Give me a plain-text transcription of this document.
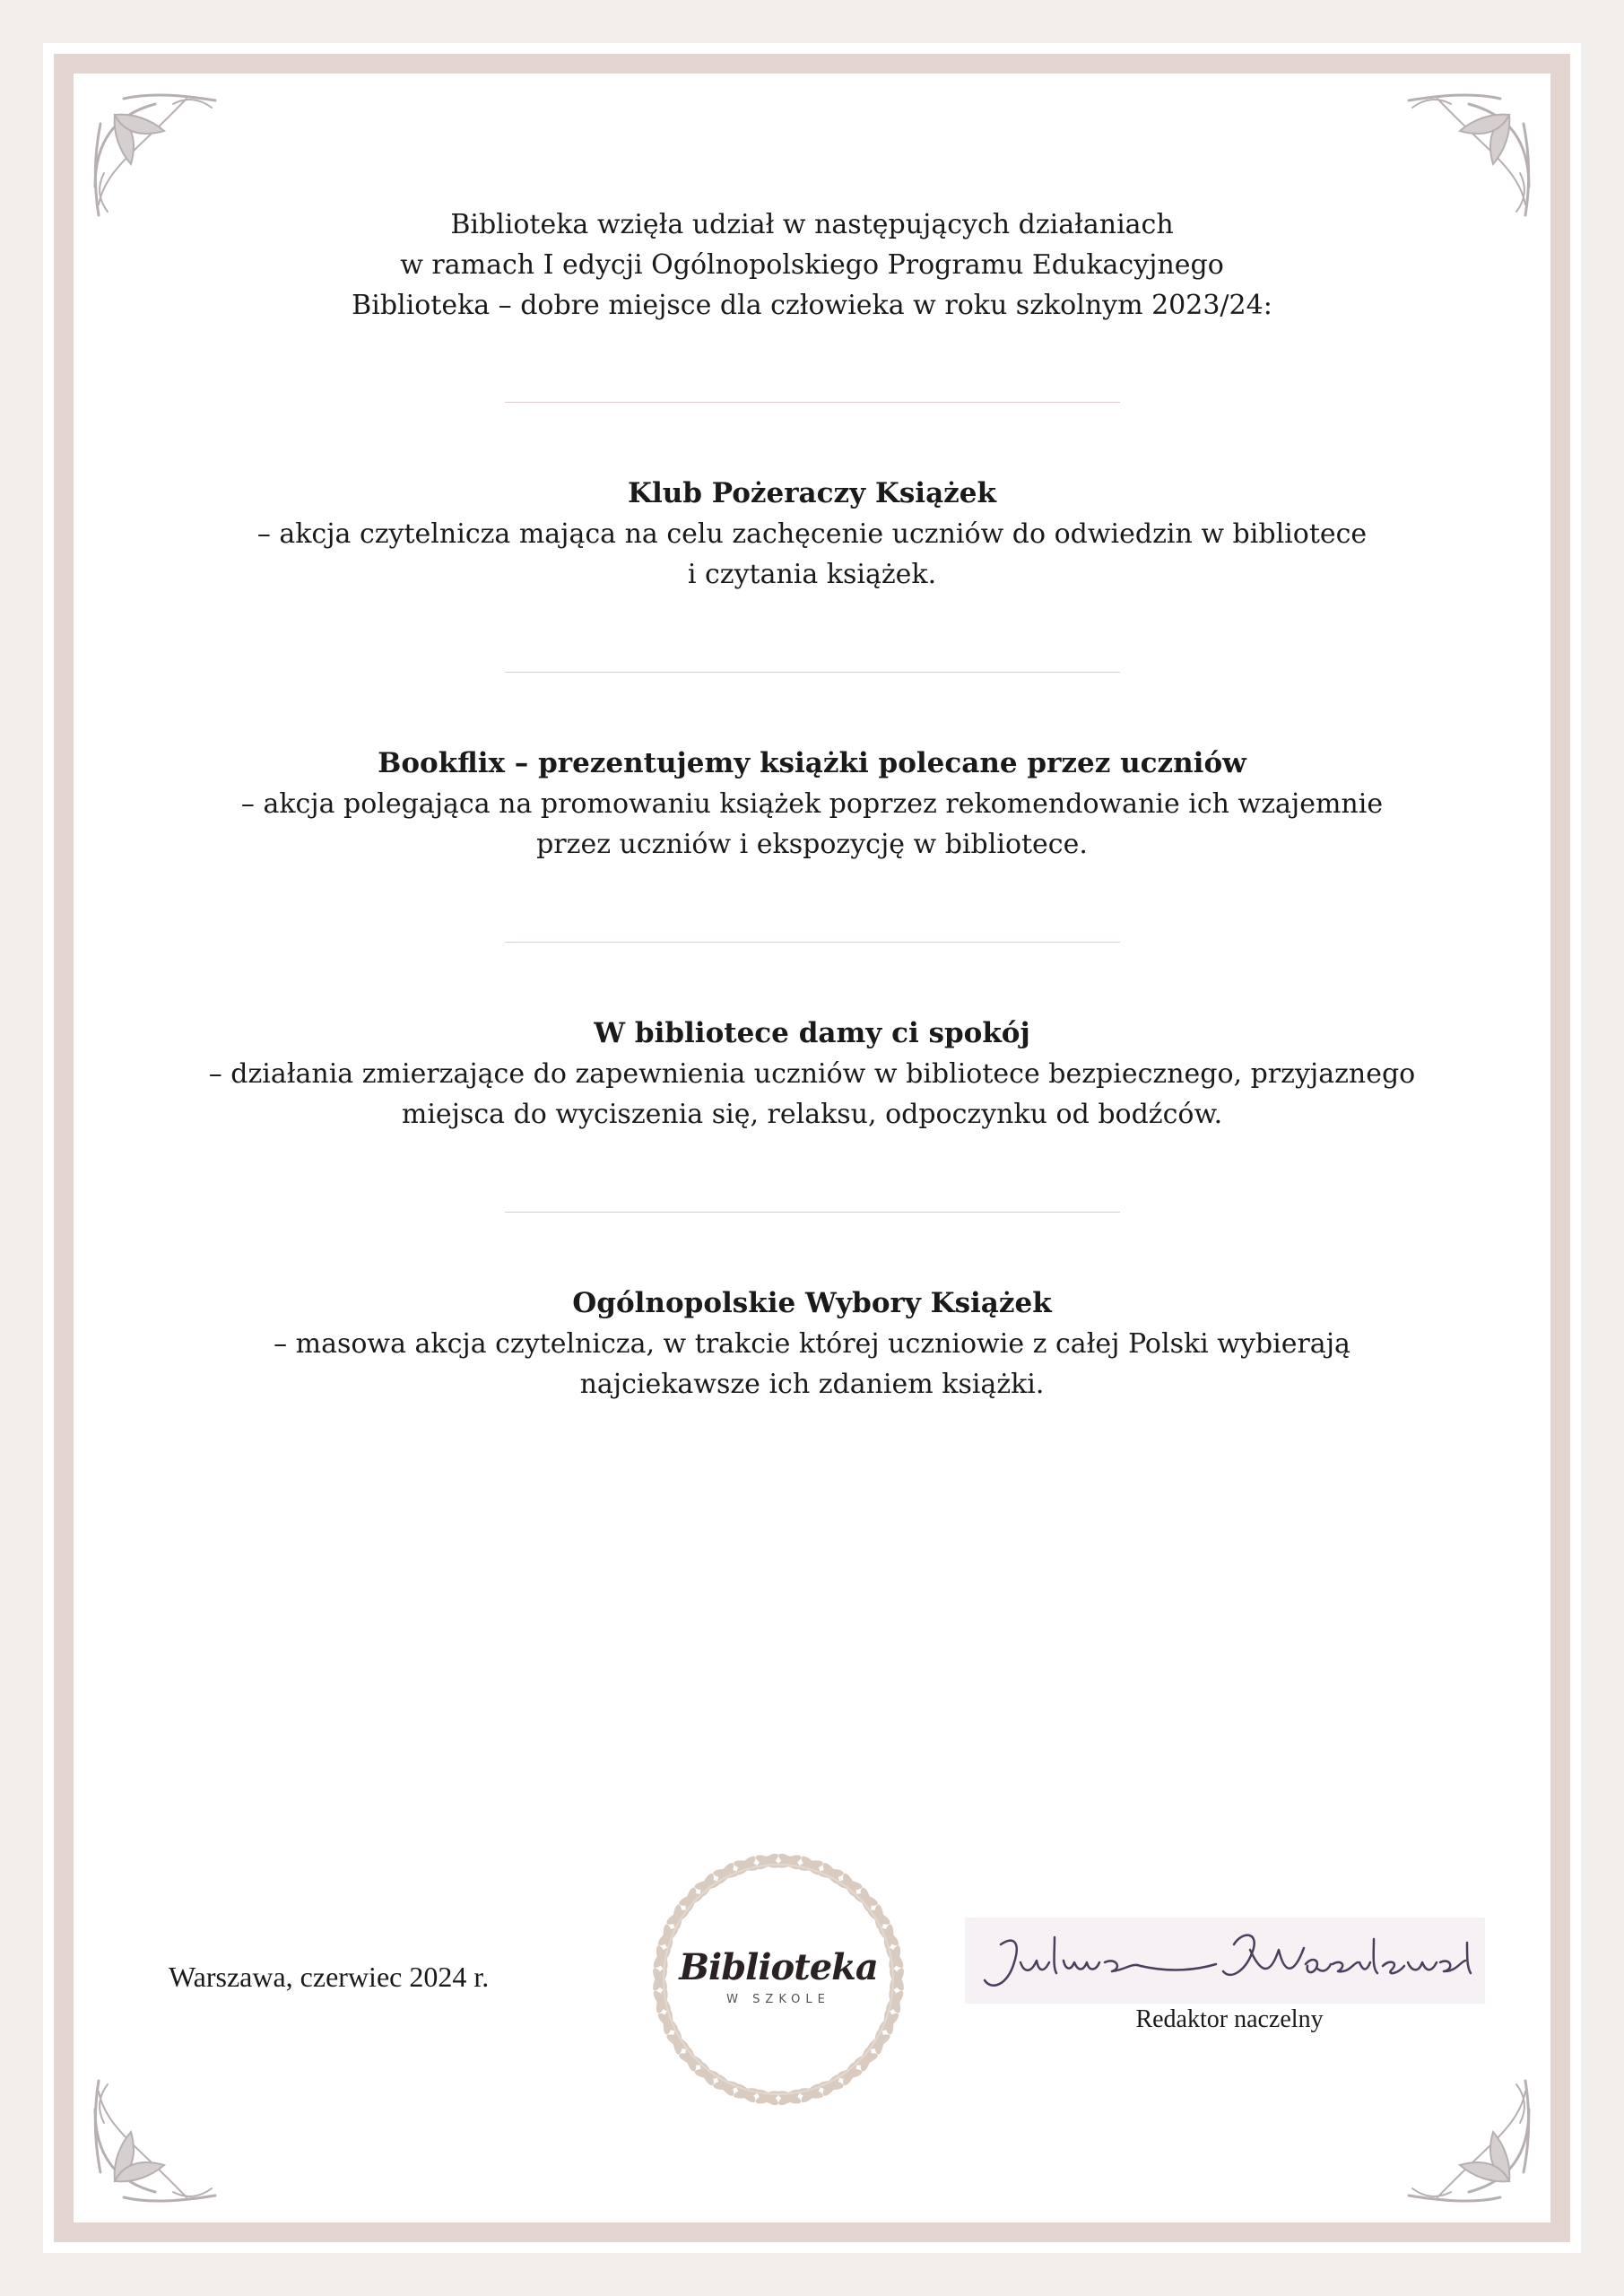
Biblioteka wzięła udział w następujących działaniach
w ramach I edycji Ogólnopolskiego Programu Edukacyjnego
Biblioteka – dobre miejsce dla człowieka w roku szkolnym 2023/24:

Klub Pożeraczy Książek
– akcja czytelnicza mająca na celu zachęcenie uczniów do odwiedzin w bibliotece
i czytania książek.
Bookflix – prezentujemy książki polecane przez uczniów
– akcja polegająca na promowaniu książek poprzez rekomendowanie ich wzajemnie
przez uczniów i ekspozycję w bibliotece.
W bibliotece damy ci spokój
– działania zmierzające do zapewnienia uczniów w bibliotece bezpiecznego, przyjaznego
miejsca do wyciszenia się, relaksu, odpoczynku od bodźców.
Ogólnopolskie Wybory Książek
– masowa akcja czytelnicza, w trakcie której uczniowie z całej Polski wybierają
najciekawsze ich zdaniem książki.
Warszawa, czerwiec 2024 r.	Biblioteka
W SZKOLE
Redaktor naczelny
